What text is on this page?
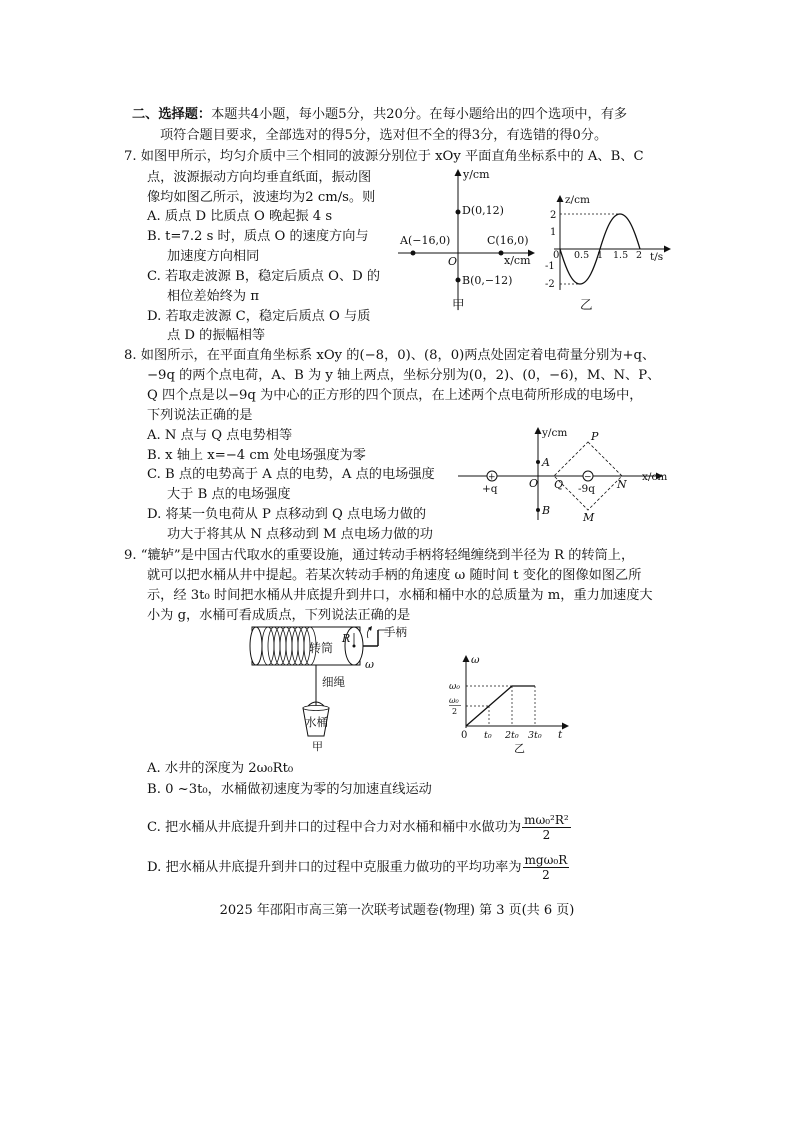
二、选择题：本题共4小题，每小题5分，共20分。在每小题给出的四个选项中，有多
项符合题目要求，全部选对的得5分，选对但不全的得3分，有选错的得0分。
7. 如图甲所示，均匀介质中三个相同的波源分别位于 xOy 平面直角坐标系中的 A、B、C
点，波源振动方向均垂直纸面，振动图
像均如图乙所示，波速均为2 cm/s。则
A. 质点 D 比质点 O 晚起振 4 s
B. t=7.2 s 时，质点 O 的速度方向与
加速度方向相同
C. 若取走波源 B，稳定后质点 O、D 的
相位差始终为 π
D. 若取走波源 C，稳定后质点 O 与质
点 D 的振幅相等
y/cm
x/cm
O
D(0,12)
A(−16,0)	C(16,0)
B(0,−12)
甲
z/cm
t/s
0
2
1
-1
-2
0.5 1 1.5 2
乙
8. 如图所示，在平面直角坐标系 xOy 的(−8，0)、(8，0)两点处固定着电荷量分别为+q、
−9q 的两个点电荷，A、B 为 y 轴上两点，坐标分别为(0，2)、(0，−6)，M、N、P、
Q 四个点是以−9q 为中心的正方形的四个顶点，在上述两个点电荷所形成的电场中，
下列说法正确的是
A. N 点与 Q 点电势相等
B. x 轴上 x=−4 cm 处电场强度为零
C. B 点的电势高于 A 点的电势，A 点的电场强度
大于 B 点的电场强度
D. 将某一负电荷从 P 点移动到 Q 点电场力做的
功大于将其从 N 点移动到 M 点电场力做的功
y/cm
x/cm
O
A
B
+
+q
−
-9q
P
Q	N
M
9. “辘轳”是中国古代取水的重要设施，通过转动手柄将轻绳缠绕到半径为 R 的转筒上，
就可以把水桶从井中提起。若某次转动手柄的角速度 ω 随时间 t 变化的图像如图乙所
示，经 3t₀ 时间把水桶从井底提升到井口，水桶和桶中水的总质量为 m，重力加速度大
小为 g，水桶可看成质点，下列说法正确的是
转筒
R	手柄
ω
细绳
水桶
甲
ω
t
0
ω₀
ω₀
2
t₀ 2t₀ 3t₀
乙
A. 水井的深度为 2ω₀Rt₀
B. 0 ~3t₀，水桶做初速度为零的匀加速直线运动
C. 把水桶从井底提升到井口的过程中合力对水桶和桶中水做功为 $\frac{\text{mω₀²R²}}{2}$
D. 把水桶从井底提升到井口的过程中克服重力做功的平均功率为 $\frac{\text{mgω₀R}}{2}$
2025 年邵阳市高三第一次联考试题卷(物理) 第 3 页(共 6 页)
